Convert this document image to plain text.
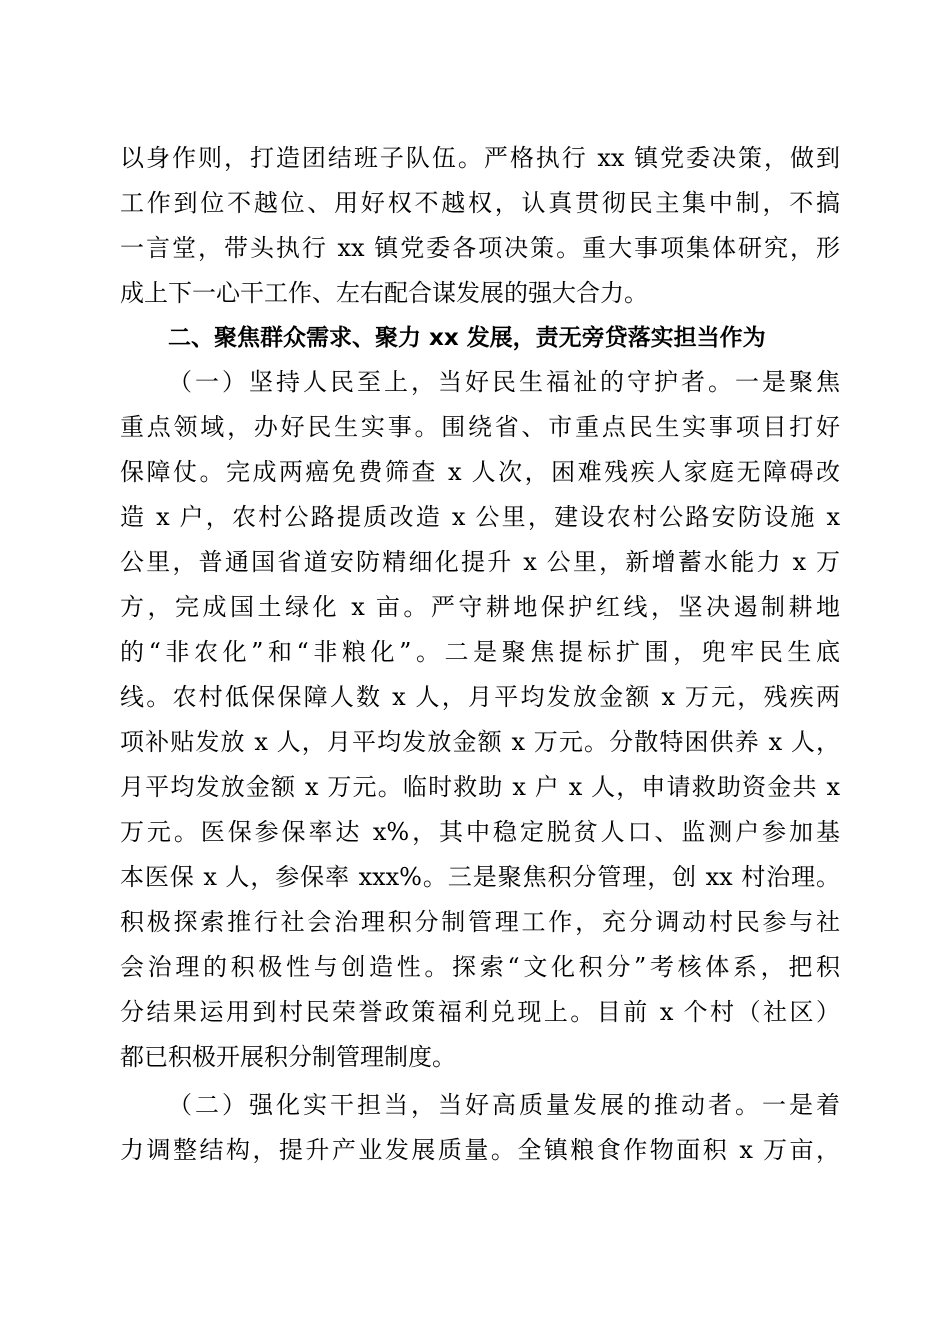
以身作则，打造团结班子队伍。严格执行 xx 镇党委决策，做到
工作到位不越位、用好权不越权，认真贯彻民主集中制，不搞
一言堂，带头执行 xx 镇党委各项决策。重大事项集体研究，形
成上下一心干工作、左右配合谋发展的强大合力。
二、聚焦群众需求、聚力 xx 发展，责无旁贷落实担当作为
（一）坚持人民至上，当好民生福祉的守护者。一是聚焦
重点领域，办好民生实事。围绕省、市重点民生实事项目打好
保障仗。完成两癌免费筛查 x 人次，困难残疾人家庭无障碍改
造 x 户，农村公路提质改造 x 公里，建设农村公路安防设施 x
公里，普通国省道安防精细化提升 x 公里，新增蓄水能力 x 万
方，完成国土绿化 x 亩。严守耕地保护红线，坚决遏制耕地
的“非农化”和“非粮化”。二是聚焦提标扩围，兜牢民生底
线。农村低保保障人数 x 人，月平均发放金额 x 万元，残疾两
项补贴发放 x 人，月平均发放金额 x 万元。分散特困供养 x 人，
月平均发放金额 x 万元。临时救助 x 户 x 人，申请救助资金共 x
万元。医保参保率达 x%，其中稳定脱贫人口、监测户参加基
本医保 x 人，参保率 xxx%。三是聚焦积分管理，创 xx 村治理。
积极探索推行社会治理积分制管理工作，充分调动村民参与社
会治理的积极性与创造性。探索“文化积分”考核体系，把积
分结果运用到村民荣誉政策福利兑现上。目前 x 个村（社区）
都已积极开展积分制管理制度。
（二）强化实干担当，当好高质量发展的推动者。一是着
力调整结构，提升产业发展质量。全镇粮食作物面积 x 万亩，
